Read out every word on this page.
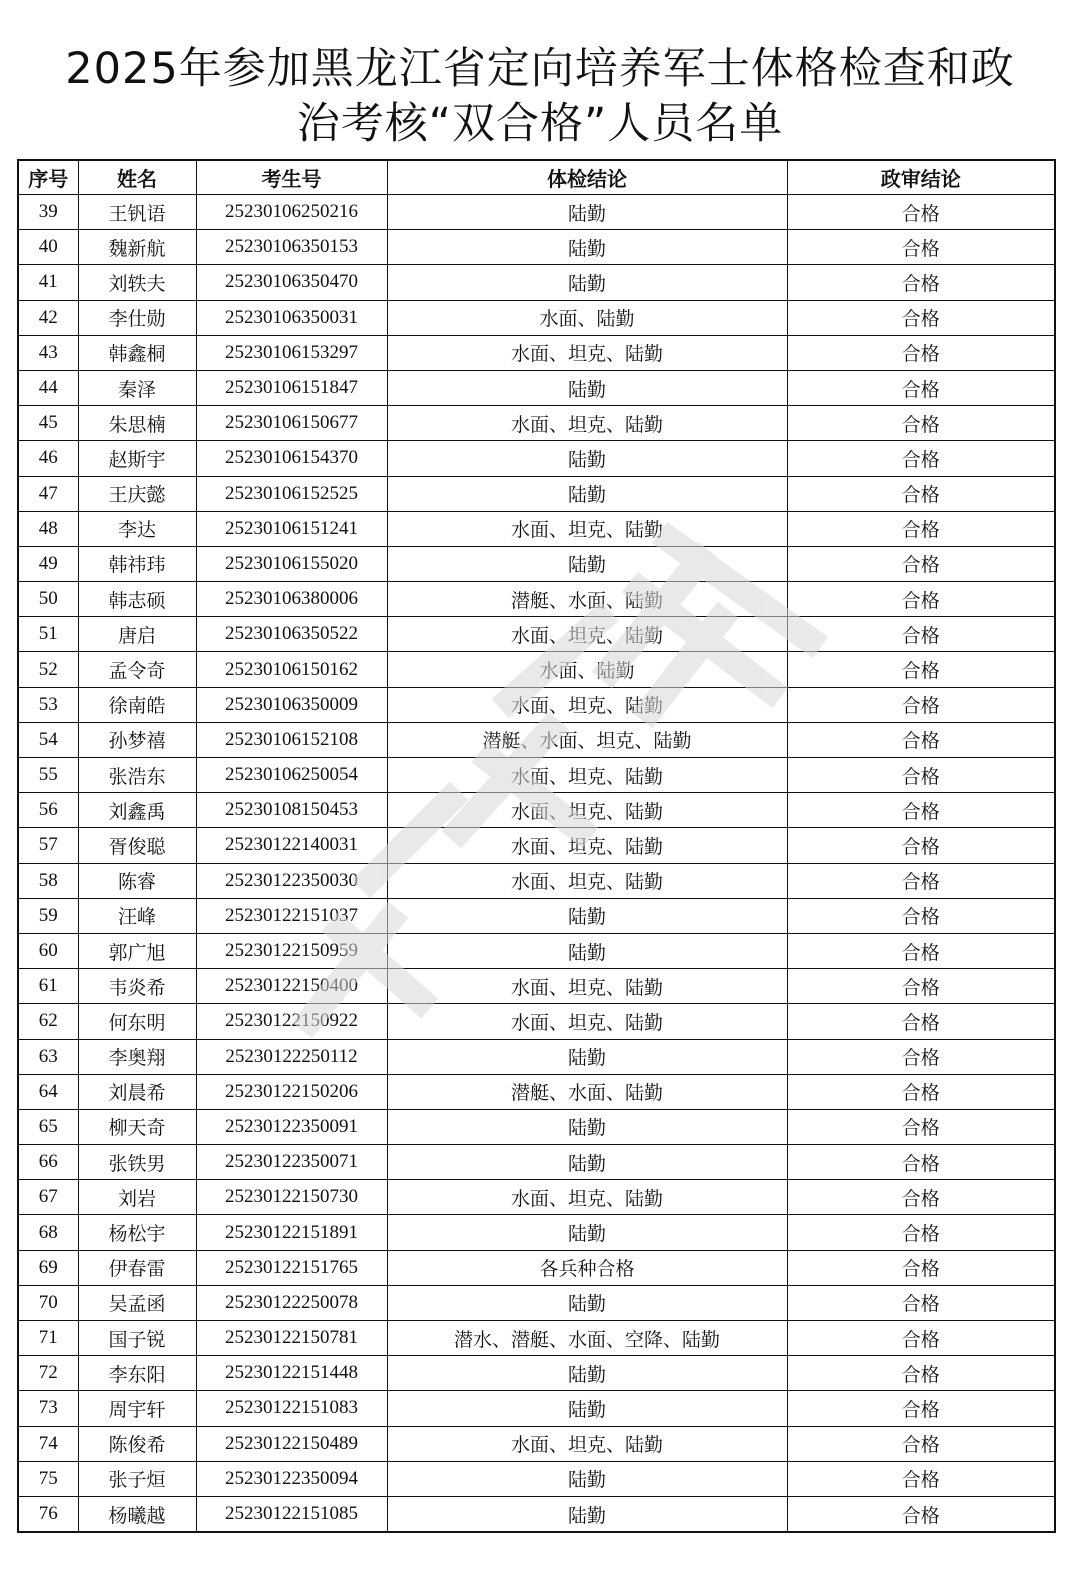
2025年参加黑龙江省定向培养军士体格检查和政
治考核“双合格”人员名单
序号	姓名	考生号	体检结论	政审结论
39	王钒语	25230106250216	陆勤	合格
40	魏新航	25230106350153	陆勤	合格
41	刘轶夫	25230106350470	陆勤	合格
42	李仕勋	25230106350031	水面、陆勤	合格
43	韩鑫桐	25230106153297	水面、坦克、陆勤	合格
44	秦泽	25230106151847	陆勤	合格
45	朱思楠	25230106150677	水面、坦克、陆勤	合格
46	赵斯宇	25230106154370	陆勤	合格
47	王庆懿	25230106152525	陆勤	合格
48	李达	25230106151241	水面、坦克、陆勤	合格
49	韩祎玮	25230106155020	陆勤	合格
50	韩志硕	25230106380006	潜艇、水面、陆勤	合格
51	唐启	25230106350522	水面、坦克、陆勤	合格
52	孟令奇	25230106150162	水面、陆勤	合格
53	徐南皓	25230106350009	水面、坦克、陆勤	合格
54	孙梦禧	25230106152108	潜艇、水面、坦克、陆勤	合格
55	张浩东	25230106250054	水面、坦克、陆勤	合格
56	刘鑫禹	25230108150453	水面、坦克、陆勤	合格
57	胥俊聪	25230122140031	水面、坦克、陆勤	合格
58	陈睿	25230122350030	水面、坦克、陆勤	合格
59	汪峰	25230122151037	陆勤	合格
60	郭广旭	25230122150959	陆勤	合格
61	韦炎希	25230122150400	水面、坦克、陆勤	合格
62	何东明	25230122150922	水面、坦克、陆勤	合格
63	李奥翔	25230122250112	陆勤	合格
64	刘晨希	25230122150206	潜艇、水面、陆勤	合格
65	柳天奇	25230122350091	陆勤	合格
66	张铁男	25230122350071	陆勤	合格
67	刘岩	25230122150730	水面、坦克、陆勤	合格
68	杨松宇	25230122151891	陆勤	合格
69	伊春雷	25230122151765	各兵种合格	合格
70	吴孟函	25230122250078	陆勤	合格
71	国子锐	25230122150781	潜水、潜艇、水面、空降、陆勤	合格
72	李东阳	25230122151448	陆勤	合格
73	周宇轩	25230122151083	陆勤	合格
74	陈俊希	25230122150489	水面、坦克、陆勤	合格
75	张子烜	25230122350094	陆勤	合格
76	杨曦越	25230122151085	陆勤	合格
